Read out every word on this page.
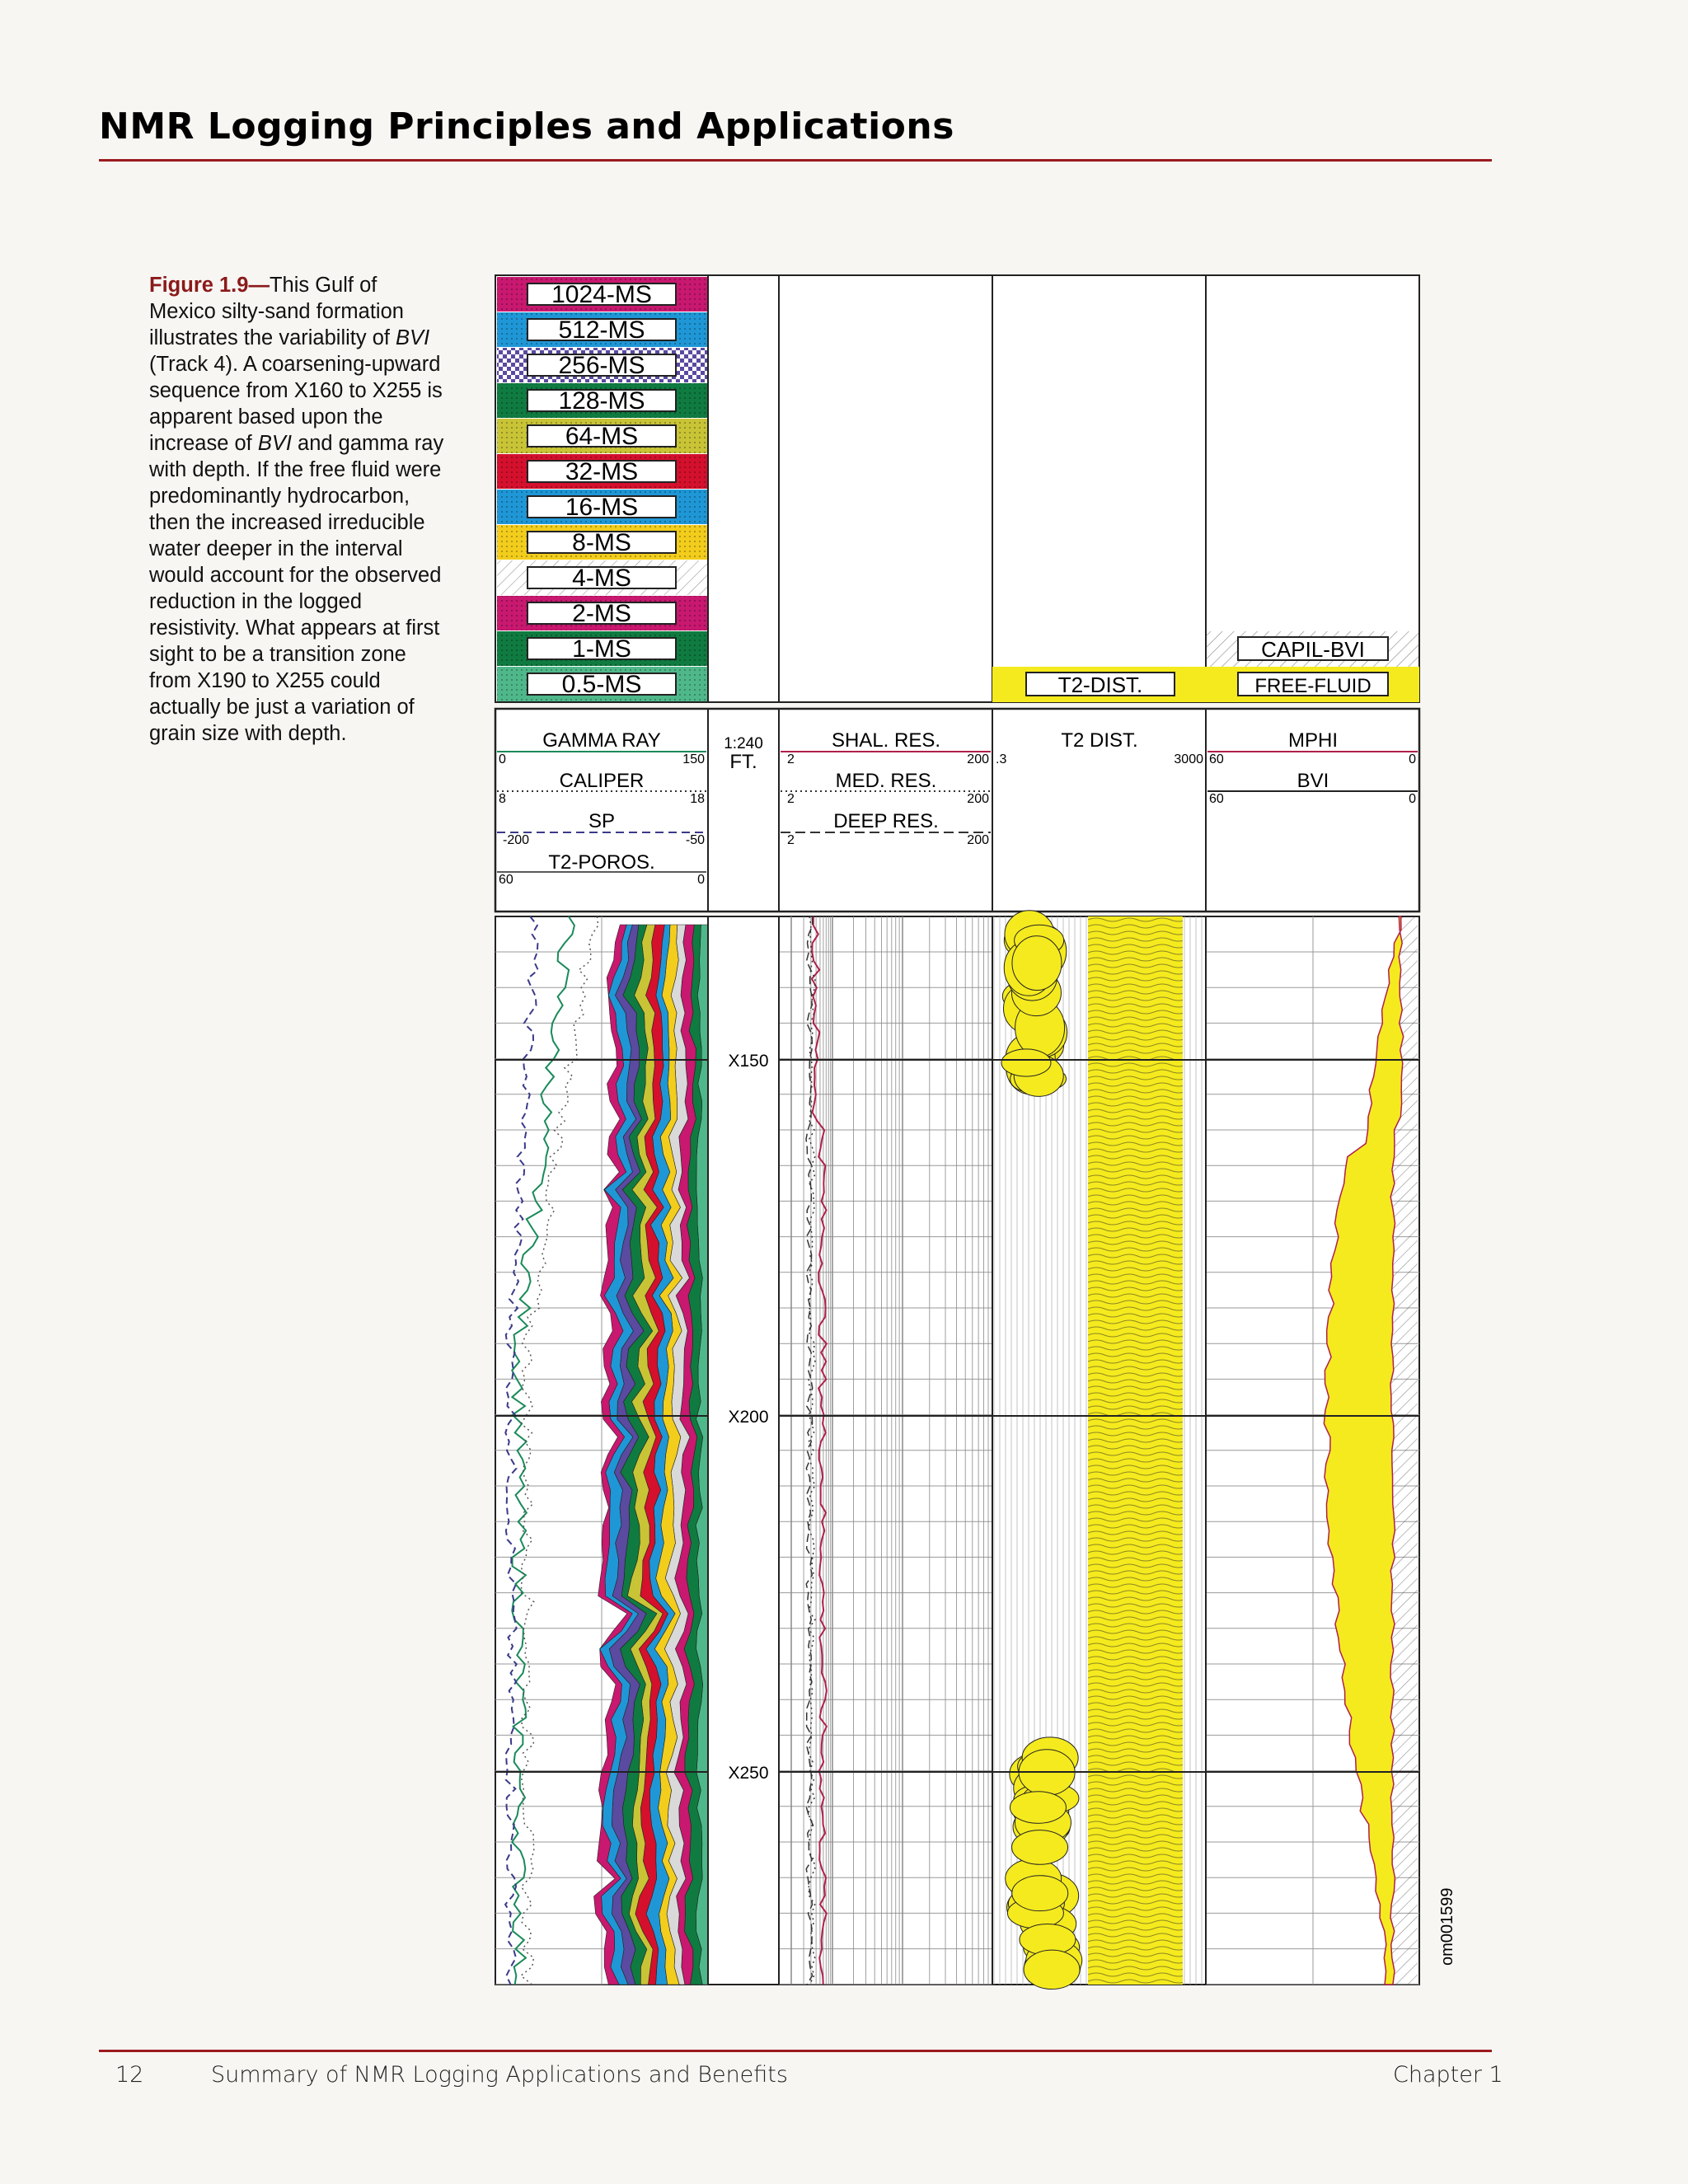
NMR Logging Principles and Applications
Figure 1.9—This Gulf of Mexico silty-sand formation illustrates the variability of BVI (Track 4). A coarsening-upward sequence from X160 to X255 is apparent based upon the increase of BVI and gamma ray with depth. If the free fluid were predominantly hydrocarbon, then the increased irreducible water deeper in the interval would account for the observed reduction in the logged resistivity. What appears at first sight to be a transition zone from X190 to X255 could actually be just a variation of grain size with depth.
1024-MS
512-MS
256-MS
128-MS
64-MS
32-MS
16-MS
8-MS
4-MS
2-MS
1-MS
0.5-MS	T2-DIST.
CAPIL-BVI
FREE-FLUID
GAMMA RAY
0	150
CALIPER
8	18
SP
-200	-50
T2-POROS.
60	0
1:240
FT.
SHAL. RES.
2	200
MED. RES.
2	200
DEEP RES.
2	200
T2 DIST.
.3	3000
MPHI
60	0
BVI
60	0
X150
X200
X250
om001599
12	Summary of NMR Logging Applications and Benefits	Chapter 1
